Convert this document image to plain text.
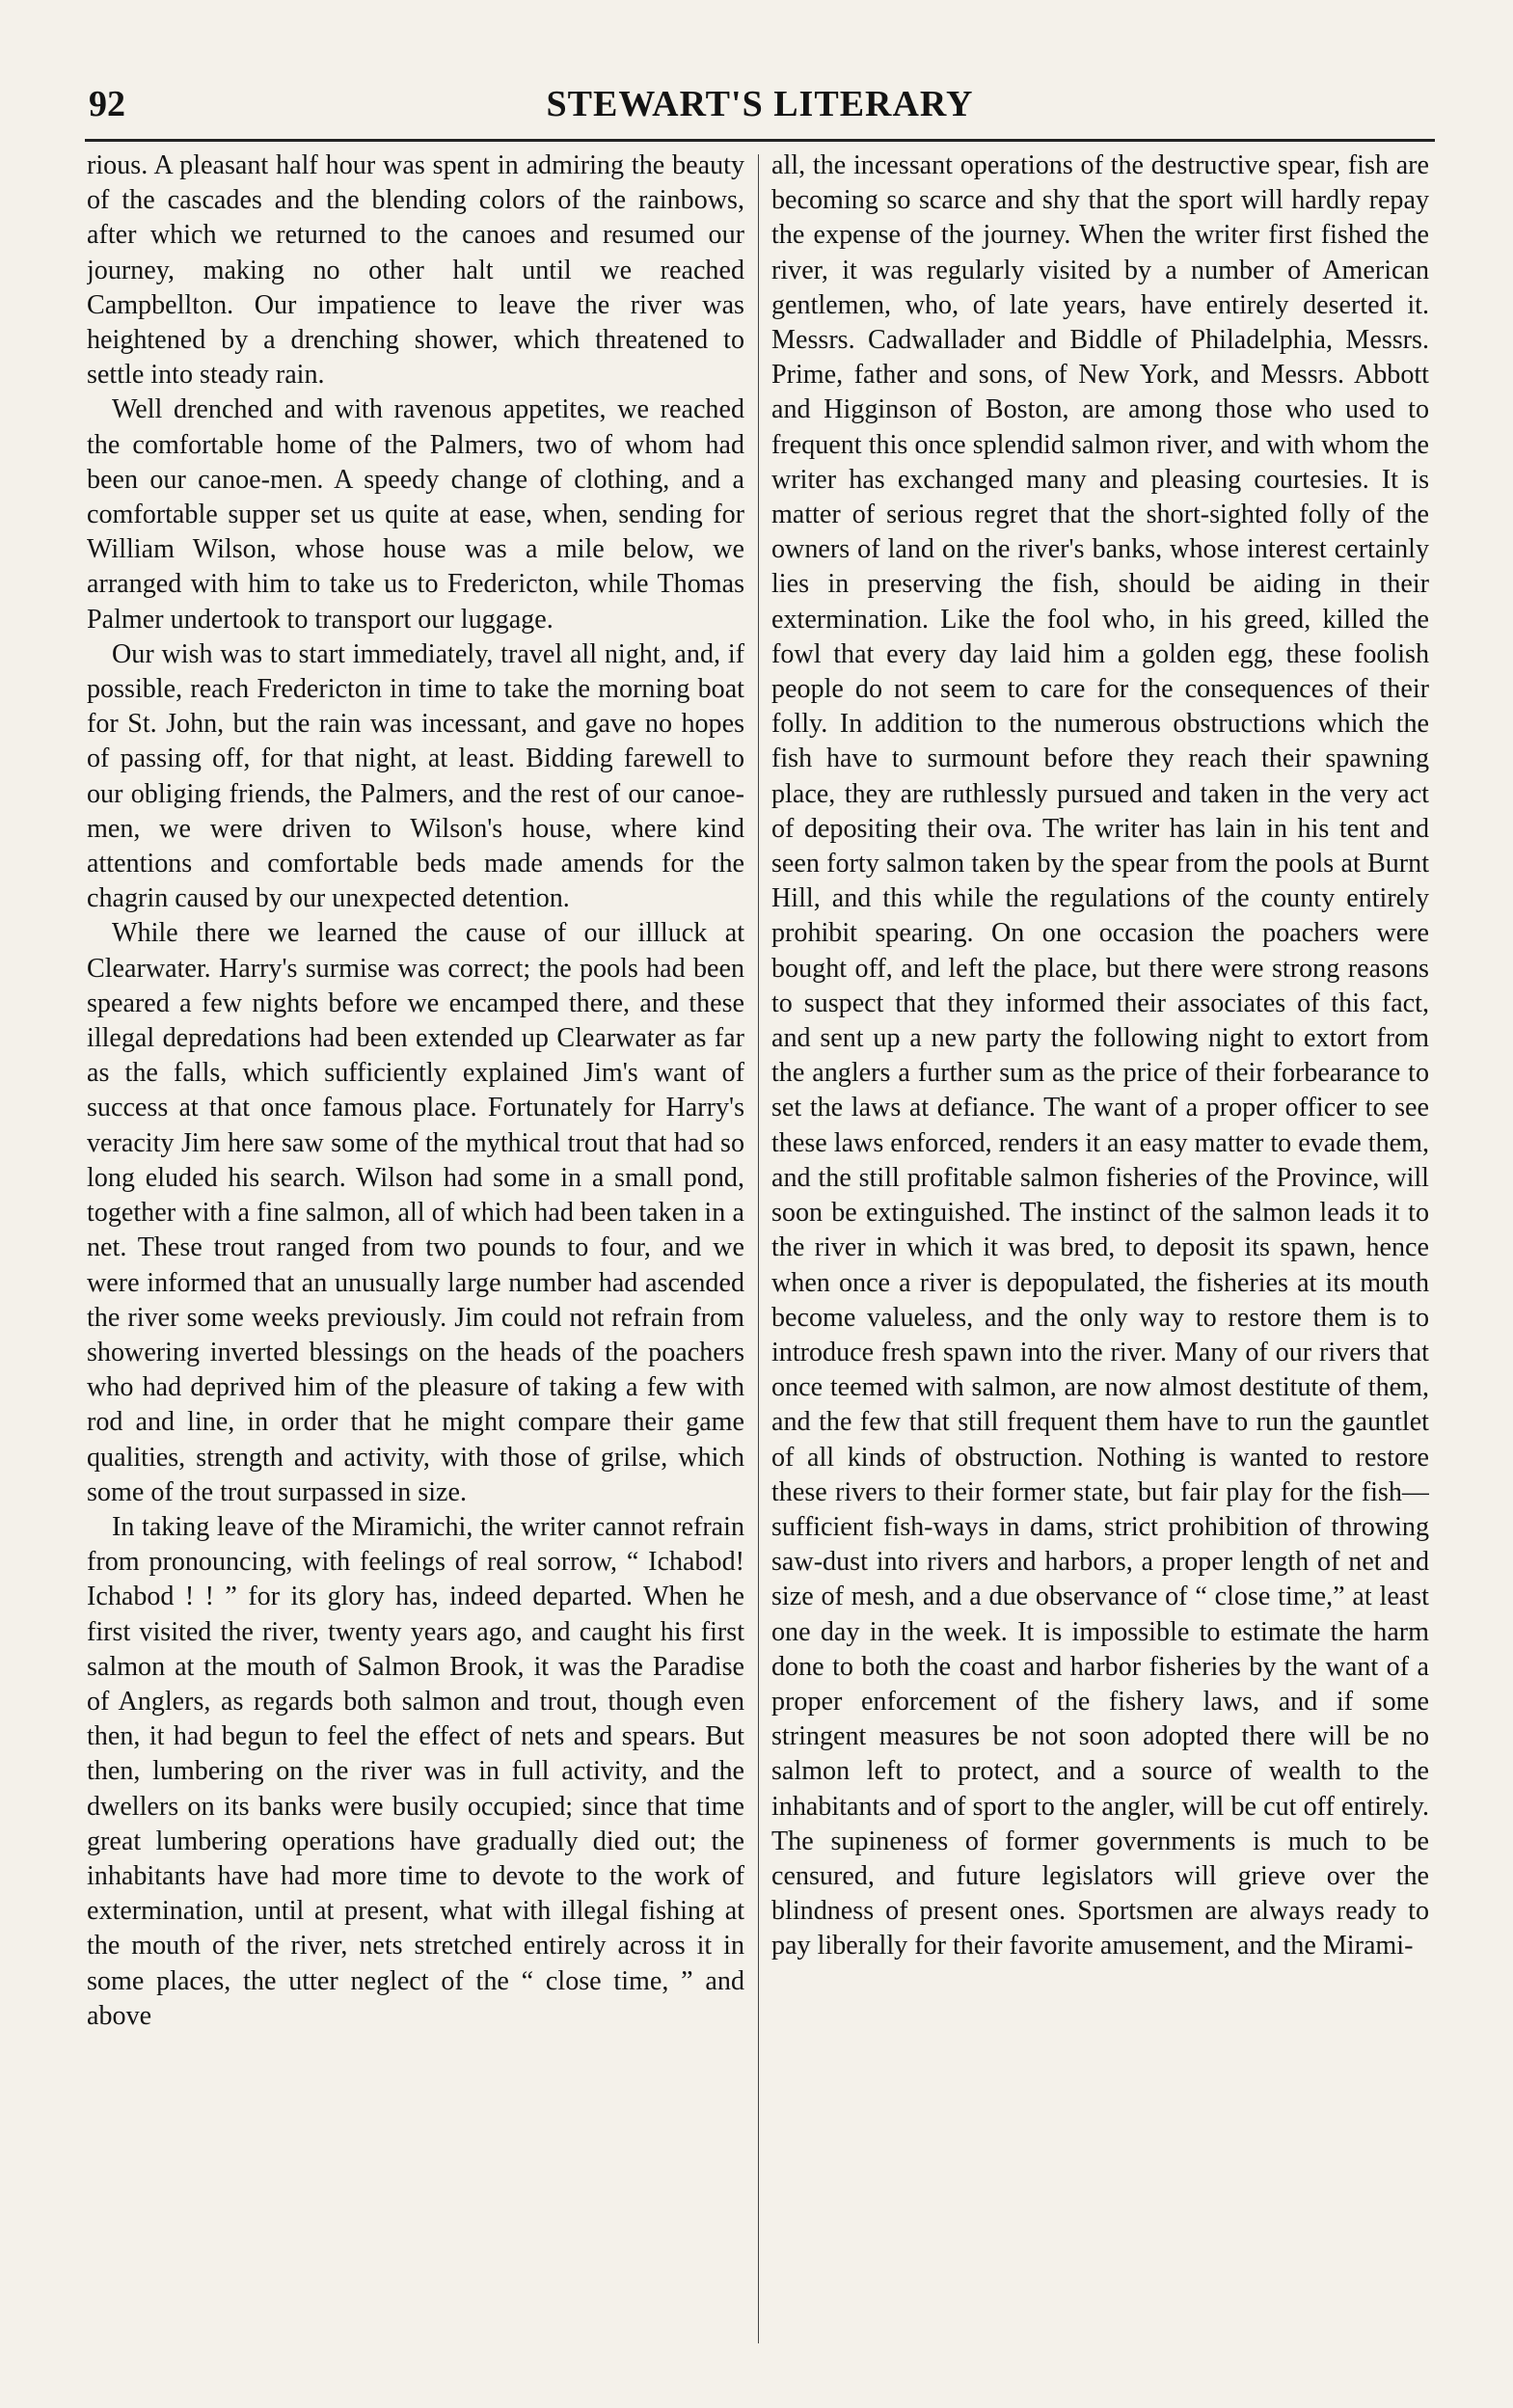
92	STEWART'S LITERARY

rious. A pleasant half hour was spent in admiring the beauty of the cascades and the blending colors of the rainbows, after which we returned to the canoes and resumed our journey, making no other halt until we reached Campbellton. Our impatience to leave the river was heightened by a drenching shower, which threatened to settle into steady rain.

Well drenched and with ravenous appetites, we reached the comfortable home of the Palmers, two of whom had been our canoe-men. A speedy change of clothing, and a comfortable supper set us quite at ease, when, sending for William Wilson, whose house was a mile below, we arranged with him to take us to Fredericton, while Thomas Palmer undertook to transport our luggage.

Our wish was to start immediately, travel all night, and, if possible, reach Fredericton in time to take the morning boat for St. John, but the rain was incessant, and gave no hopes of passing off, for that night, at least. Bidding farewell to our obliging friends, the Palmers, and the rest of our canoe-men, we were driven to Wilson's house, where kind attentions and comfortable beds made amends for the chagrin caused by our unexpected detention.

While there we learned the cause of our illluck at Clearwater. Harry's surmise was correct; the pools had been speared a few nights before we encamped there, and these illegal depredations had been extended up Clearwater as far as the falls, which sufficiently explained Jim's want of success at that once famous place. Fortunately for Harry's veracity Jim here saw some of the mythical trout that had so long eluded his search. Wilson had some in a small pond, together with a fine salmon, all of which had been taken in a net. These trout ranged from two pounds to four, and we were informed that an unusually large number had ascended the river some weeks previously. Jim could not refrain from showering inverted blessings on the heads of the poachers who had deprived him of the pleasure of taking a few with rod and line, in order that he might compare their game qualities, strength and activity, with those of grilse, which some of the trout surpassed in size.

In taking leave of the Miramichi, the writer cannot refrain from pronouncing, with feelings of real sorrow, “ Ichabod! Ichabod ! ! ” for its glory has, indeed departed. When he first visited the river, twenty years ago, and caught his first salmon at the mouth of Salmon Brook, it was the Paradise of Anglers, as regards both salmon and trout, though even then, it had begun to feel the effect of nets and spears. But then, lumbering on the river was in full activity, and the dwellers on its banks were busily occupied; since that time great lumbering operations have gradually died out; the inhabitants have had more time to devote to the work of extermination, until at present, what with illegal fishing at the mouth of the river, nets stretched entirely across it in some places, the utter neglect of the “ close time, ” and above

all, the incessant operations of the destructive spear, fish are becoming so scarce and shy that the sport will hardly repay the expense of the journey. When the writer first fished the river, it was regularly visited by a number of American gentlemen, who, of late years, have entirely deserted it. Messrs. Cadwallader and Biddle of Philadelphia, Messrs. Prime, father and sons, of New York, and Messrs. Abbott and Higginson of Boston, are among those who used to frequent this once splendid salmon river, and with whom the writer has exchanged many and pleasing courtesies. It is matter of serious regret that the short-sighted folly of the owners of land on the river's banks, whose interest certainly lies in preserving the fish, should be aiding in their extermination. Like the fool who, in his greed, killed the fowl that every day laid him a golden egg, these foolish people do not seem to care for the consequences of their folly. In addition to the numerous obstructions which the fish have to surmount before they reach their spawning place, they are ruthlessly pursued and taken in the very act of depositing their ova. The writer has lain in his tent and seen forty salmon taken by the spear from the pools at Burnt Hill, and this while the regulations of the county entirely prohibit spearing. On one occasion the poachers were bought off, and left the place, but there were strong reasons to suspect that they informed their associates of this fact, and sent up a new party the following night to extort from the anglers a further sum as the price of their forbearance to set the laws at defiance. The want of a proper officer to see these laws enforced, renders it an easy matter to evade them, and the still profitable salmon fisheries of the Province, will soon be extinguished. The instinct of the salmon leads it to the river in which it was bred, to deposit its spawn, hence when once a river is depopulated, the fisheries at its mouth become valueless, and the only way to restore them is to introduce fresh spawn into the river. Many of our rivers that once teemed with salmon, are now almost destitute of them, and the few that still frequent them have to run the gauntlet of all kinds of obstruction. Nothing is wanted to restore these rivers to their former state, but fair play for the fish—sufficient fish-ways in dams, strict prohibition of throwing saw-dust into rivers and harbors, a proper length of net and size of mesh, and a due observance of “ close time,” at least one day in the week. It is impossible to estimate the harm done to both the coast and harbor fisheries by the want of a proper enforcement of the fishery laws, and if some stringent measures be not soon adopted there will be no salmon left to protect, and a source of wealth to the inhabitants and of sport to the angler, will be cut off entirely. The supineness of former governments is much to be censured, and future legislators will grieve over the blindness of present ones. Sportsmen are always ready to pay liberally for their favorite amusement, and the Mirami-
